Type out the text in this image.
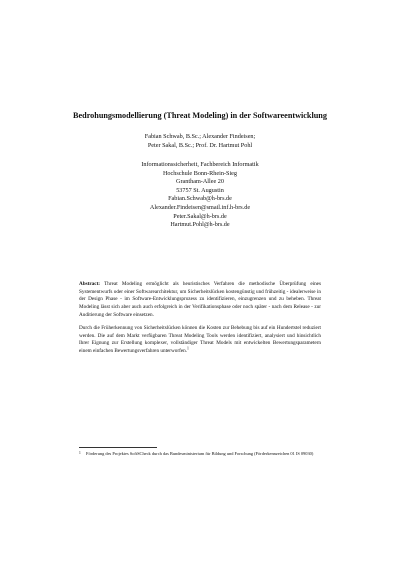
Bedrohungsmodellierung (Threat Modeling) in der Softwareentwicklung
Fabian Schwab, B.Sc.; Alexander Findeisen;
Peter Sakal, B.Sc.; Prof. Dr. Hartmut Pohl
Informationssicherheit, Fachbereich Informatik
Hochschule Bonn-Rhein-Sieg
Grantham-Allee 20
53757 St. Augustin
Fabian.Schwab@h-brs.de
Alexander.Findeisen@smail.inf.h-brs.de
Peter.Sakal@h-brs.de
Hartmut.Pohl@h-brs.de

Abstract: Threat Modeling ermöglicht als heuristisches Verfahren die methodische Überprüfung eines Systementwurfs oder einer Softwarearchitektur, um Sicherheitslücken kostengünstig und frühzeitig - idealerweise in der Design Phase - im Software-Entwicklungsprozess zu identifizieren, einzugrenzen und zu beheben. Threat Modeling lässt sich aber auch auch erfolgreich in der Verifikationsphase oder noch später - nach dem Release - zur Auditierung der Software einsetzen.

Durch die Früherkennung von Sicherheitslücken können die Kosten zur Behebung bis auf ein Hundertstel reduziert werden. Die auf dem Markt verfügbaren Threat Modeling Tools werden identifiziert, analysiert und hinsichtlich Ihrer Eignung zur Erstellung komplexer, vollständiger Threat Models mit entwickelten Bewertungsparametern einem einfachen Bewertungsverfahren unterworfen.$^1$

1 Förderung des Projektes SoftSCheck durch das Bundesministerium für Bildung und Forschung (Förderkennzeichen 01 IS 09030)
